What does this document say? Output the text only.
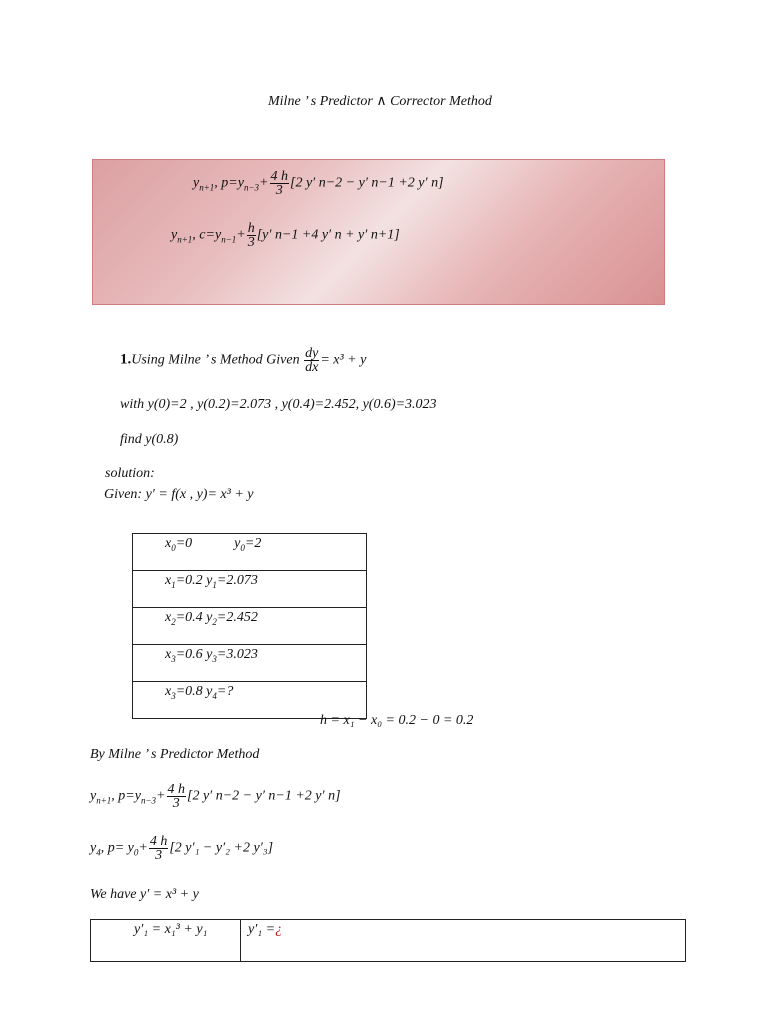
Milne ’ s Predictor ∧ Corrector Method
$y_{n+1}$, $p=y_{n-3}+ \frac{4 h}{3} [2$ y′ n−2 − y′ n−1 +2 y′ n]
$y_{n+1}$, $c=y_{n-1}+ \frac{h}{3} [y'$ n−1 +4 y′ n + y′ n+1]
1.Using Milne ’ s Method Given $\frac{dy}{dx} = x^3 + y$
with y(0)=2 , y(0.2)=2.073 , y(0.4)=2.452, y(0.6)=3.023
find y(0.8)
solution:
Given: y′ = f(x , y)= x³ + y
$x_0=0$	$y_0=2$
$x_1=0.2$ $y_1=2.073$
$x_2=0.4$ $y_2=2.452$
$x_3=0.6$ $y_3=3.023$
$x_3=0.8$ $y_4=$?
h = x₁ − x₀ = 0.2 − 0 = 0.2
By Milne ’ s Predictor Method
$y_{n+1}$, $p=y_{n-3}+ \frac{4 h}{3} [2$ y′ n−2 − y′ n−1 +2 y′ n]
$y_4$, $p= y_0+ \frac{4 h}{3} [2$ y′₁ − y′₂ +2 y′₃]
We have y′ = x³ + y
y′₁ = x₁³ + y₁	y′₁ =¿
